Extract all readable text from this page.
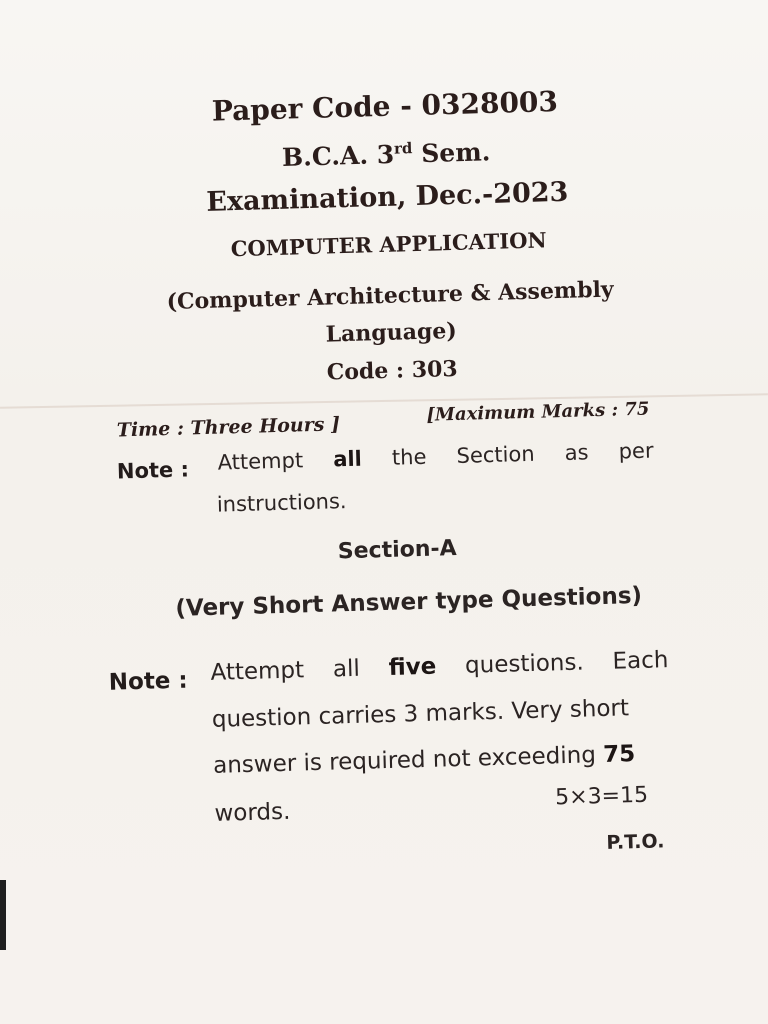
Paper Code - 0328003
B.C.A. 3rd Sem.
Examination, Dec.-2023
COMPUTER APPLICATION
(Computer Architecture & Assembly
Language)
Code : 303
Time : Three Hours ]
[Maximum Marks : 75
Note : Attempt all the Section as per
instructions.
Section-A
(Very Short Answer type Questions)
Note : Attempt all five questions. Each
question carries 3 marks. Very short
answer is required not exceeding 75
words.
5×3=15
P.T.O.
